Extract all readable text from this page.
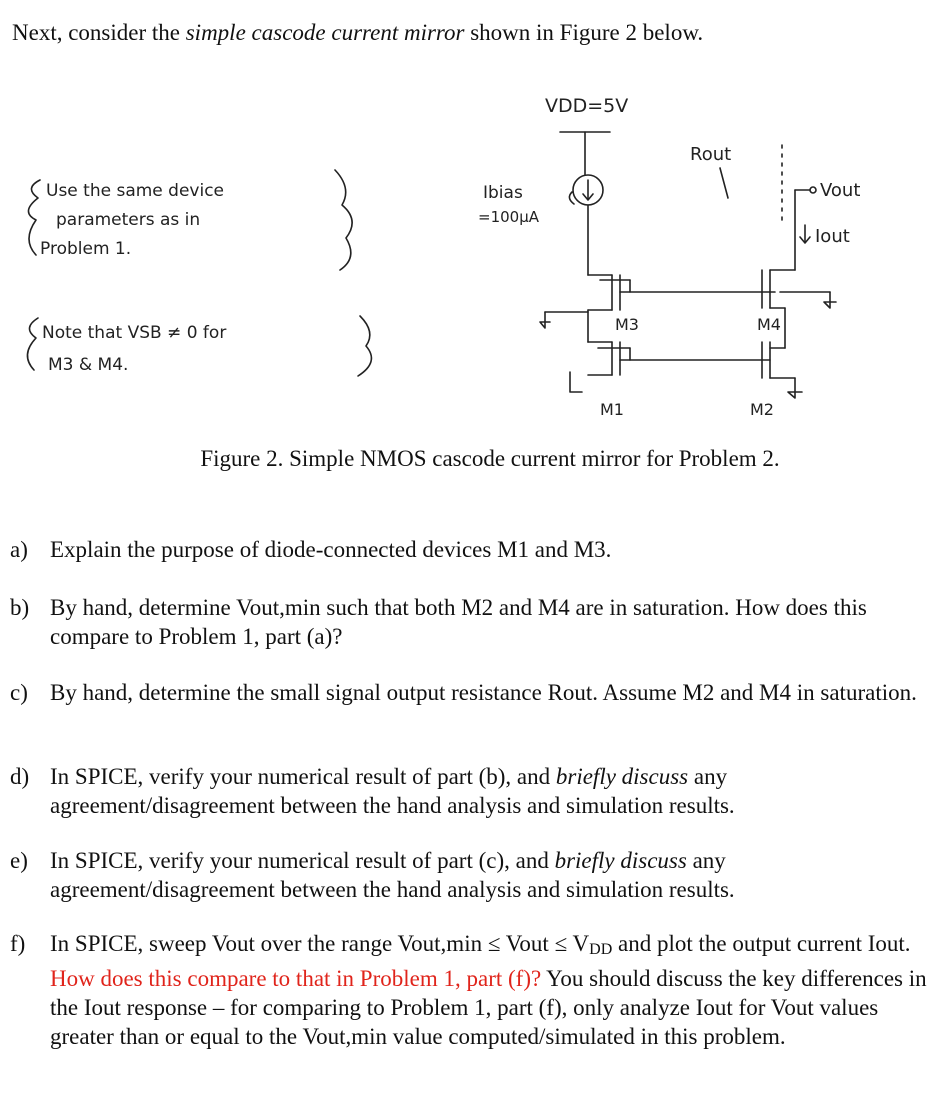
Next, consider the simple cascode current mirror shown in Figure 2 below.
VDD=5V
Ibias
=100μA
M3
M1
Rout
Vout
Iout
M4
M2
Use the same device
parameters as in
Problem 1.
Note that VSB ≠ 0 for
M3 & M4.
Figure 2. Simple NMOS cascode current mirror for Problem 2.
a) Explain the purpose of diode-connected devices M1 and M3.
b) By hand, determine Vout,min such that both M2 and M4 are in saturation. How does this compare to Problem 1, part (a)?
c) By hand, determine the small signal output resistance Rout. Assume M2 and M4 in saturation.
d) In SPICE, verify your numerical result of part (b), and briefly discuss any agreement/disagreement between the hand analysis and simulation results.
e) In SPICE, verify your numerical result of part (c), and briefly discuss any agreement/disagreement between the hand analysis and simulation results.
f)	In SPICE, sweep Vout over the range Vout,min ≤ Vout ≤ $V_{DD}$ and plot the output current Iout. How does this compare to that in Problem 1, part (f)? You should discuss the key differences in the Iout response – for comparing to Problem 1, part (f), only analyze Iout for Vout values greater than or equal to the Vout,min value computed/simulated in this problem.
